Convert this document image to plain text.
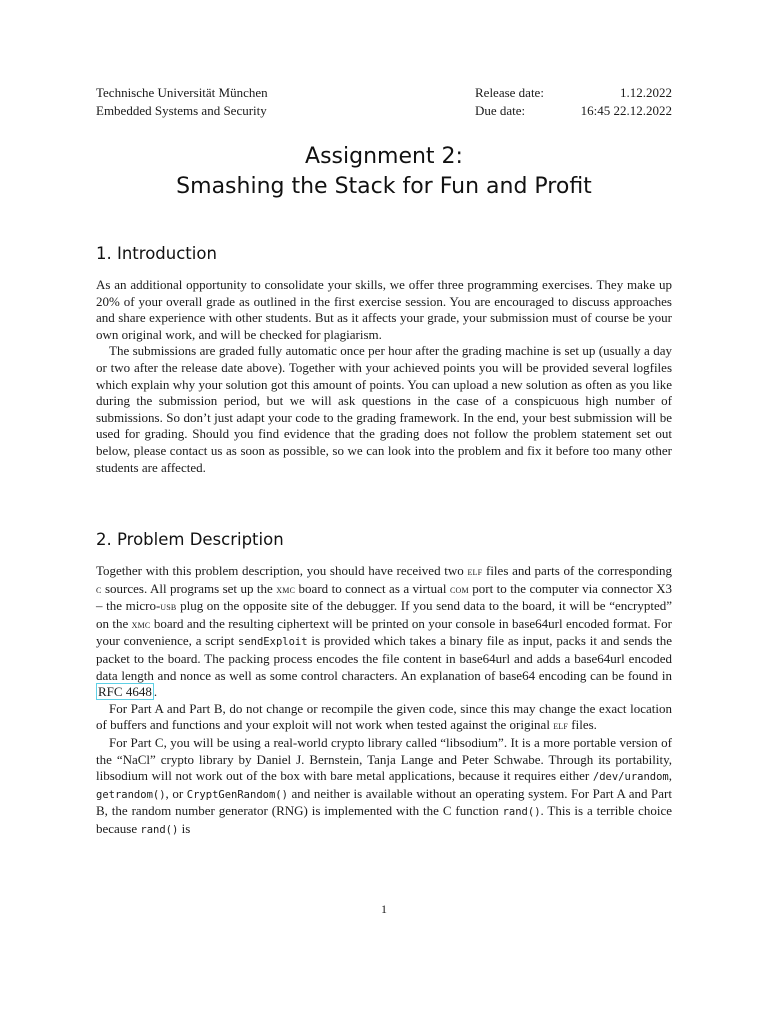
Technische Universität München
Embedded Systems and Security
Release date:	1.12.2022
Due date:	16:45 22.12.2022
Assignment 2:
Smashing the Stack for Fun and Profit
1. Introduction

As an additional opportunity to consolidate your skills, we offer three programming exercises. They make up 20% of your overall grade as outlined in the first exercise session. You are encouraged to discuss approaches and share experience with other students. But as it affects your grade, your submission must of course be your own original work, and will be checked for plagiarism.

The submissions are graded fully automatic once per hour after the grading machine is set up (usually a day or two after the release date above). Together with your achieved points you will be provided several logfiles which explain why your solution got this amount of points. You can upload a new solution as often as you like during the submission period, but we will ask questions in the case of a conspicuous high number of submissions. So don’t just adapt your code to the grading framework. In the end, your best submission will be used for grading. Should you find evidence that the grading does not follow the problem statement set out below, please contact us as soon as possible, so we can look into the problem and fix it before too many other students are affected.

2. Problem Description

Together with this problem description, you should have received two elf files and parts of the corresponding c sources. All programs set up the xmc board to connect as a virtual com port to the computer via connector X3 – the micro-usb plug on the opposite site of the debugger. If you send data to the board, it will be “encrypted” on the xmc board and the resulting ciphertext will be printed on your console in base64url encoded format. For your convenience, a script sendExploit is provided which takes a binary file as input, packs it and sends the packet to the board. The packing process encodes the file content in base64url and adds a base64url encoded data length and nonce as well as some control characters. An explanation of base64 encoding can be found in RFC 4648 .

For Part A and Part B, do not change or recompile the given code, since this may change the exact location of buffers and functions and your exploit will not work when tested against the original elf files.

For Part C, you will be using a real-world crypto library called “libsodium”. It is a more portable version of the “NaCl” crypto library by Daniel J. Bernstein, Tanja Lange and Peter Schwabe. Through its portability, libsodium will not work out of the box with bare metal applications, because it requires either /dev/urandom, getrandom(), or CryptGenRandom() and neither is available without an operating system. For Part A and Part B, the random number generator (RNG) is implemented with the C function rand(). This is a terrible choice because rand() is

1
